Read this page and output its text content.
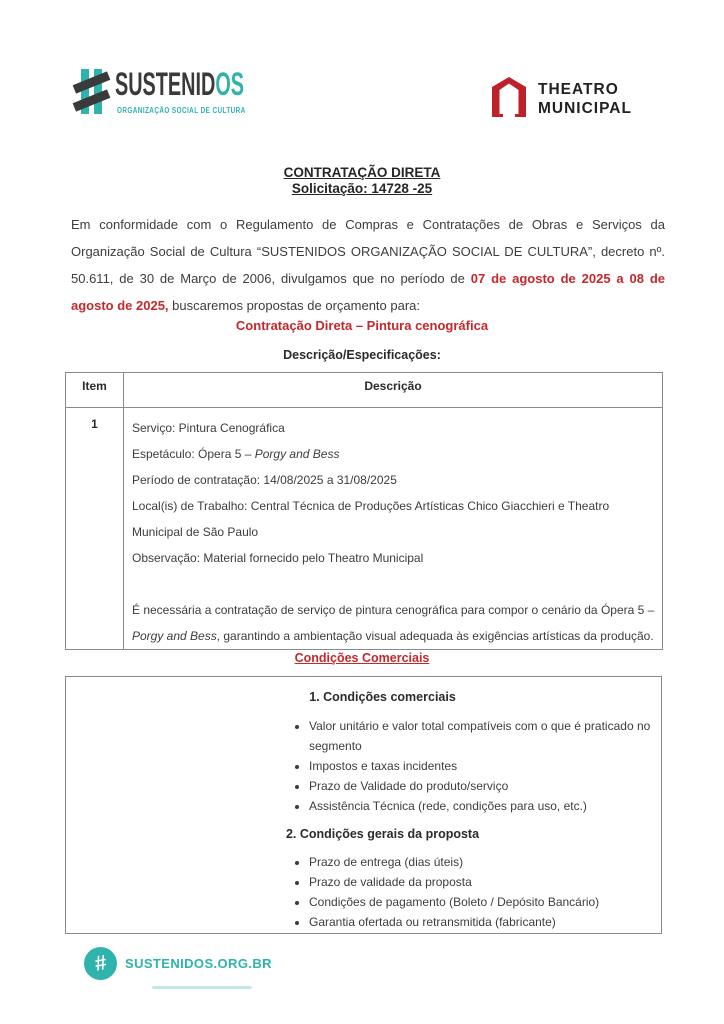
SUSTENIDOS
ORGANIZAÇÃO SOCIAL DE CULTURA
THEATRO
MUNICIPAL
CONTRATAÇÃO DIRETA
Solicitação: 14728 -25

Em conformidade com o Regulamento de Compras e Contratações de Obras e Serviços da Organização Social de Cultura “SUSTENIDOS ORGANIZAÇÃO SOCIAL DE CULTURA”, decreto nº. 50.611, de 30 de Março de 2006, divulgamos que no período de 07 de agosto de 2025 a 08 de agosto de 2025, buscaremos propostas de orçamento para:

Contratação Direta – Pintura cenográfica
Descrição/Especificações:
Item	Descrição
1	Serviço: Pintura Cenográfica
Espetáculo: Ópera 5 – Porgy and Bess
Período de contratação: 14/08/2025 a 31/08/2025
Local(is) de Trabalho: Central Técnica de Produções Artísticas Chico Giacchieri e Theatro
Municipal de São Paulo
Observação: Material fornecido pelo Theatro Municipal
É necessária a contratação de serviço de pintura cenográfica para compor o cenário da Ópera 5 –
Porgy and Bess, garantindo a ambientação visual adequada às exigências artísticas da produção.
Condições Comerciais
1. Condições comerciais
• Valor unitário e valor total compatíveis com o que é praticado no segmento
• Impostos e taxas incidentes
• Prazo de Validade do produto/serviço
• Assistência Técnica (rede, condições para uso, etc.)
2. Condições gerais da proposta
• Prazo de entrega (dias úteis)
• Prazo de validade da proposta
• Condições de pagamento (Boleto / Depósito Bancário)
• Garantia ofertada ou retransmitida (fabricante)
# SUSTENIDOS.ORG.BR
